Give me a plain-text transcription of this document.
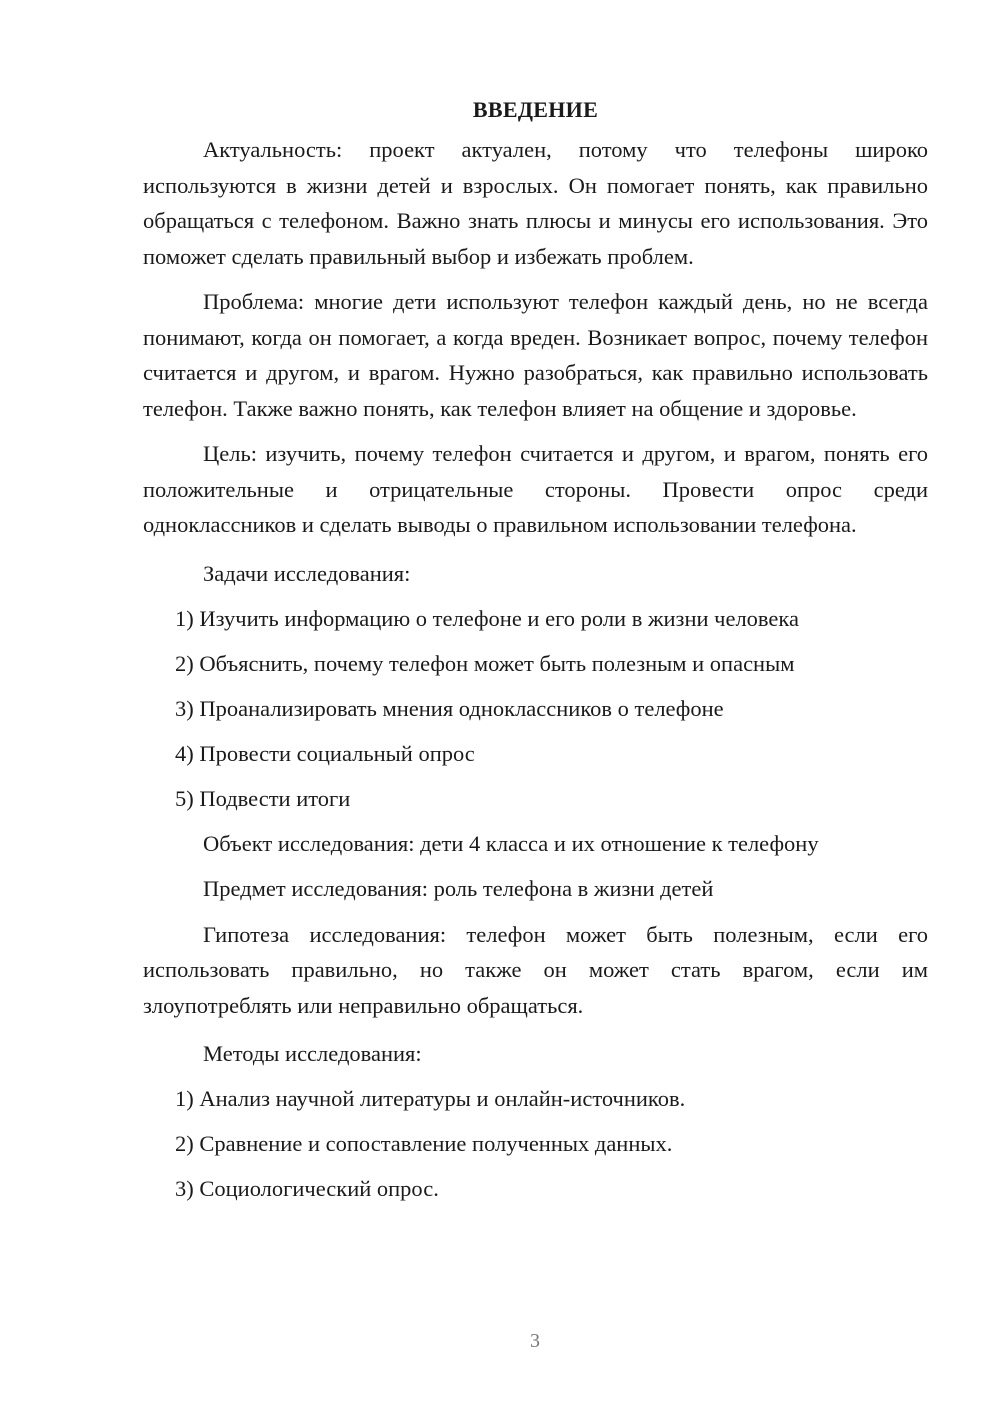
ВВЕДЕНИЕ

Актуальность: проект актуален, потому что телефоны широко используются в жизни детей и взрослых. Он помогает понять, как правильно обращаться с телефоном. Важно знать плюсы и минусы его использования. Это поможет сделать правильный выбор и избежать проблем.

Проблема: многие дети используют телефон каждый день, но не всегда понимают, когда он помогает, а когда вреден. Возникает вопрос, почему телефон считается и другом, и врагом. Нужно разобраться, как правильно использовать телефон. Также важно понять, как телефон влияет на общение и здоровье.

Цель: изучить, почему телефон считается и другом, и врагом, понять его положительные и отрицательные стороны. Провести опрос среди одноклассников и сделать выводы о правильном использовании телефона.

Задачи исследования:
1) Изучить информацию о телефоне и его роли в жизни человека
2) Объяснить, почему телефон может быть полезным и опасным
3) Проанализировать мнения одноклассников о телефоне
4) Провести социальный опрос
5) Подвести итоги
Объект исследования: дети 4 класса и их отношение к телефону
Предмет исследования: роль телефона в жизни детей

Гипотеза исследования: телефон может быть полезным, если его использовать правильно, но также он может стать врагом, если им злоупотреблять или неправильно обращаться.

Методы исследования:
1) Анализ научной литературы и онлайн-источников.
2) Сравнение и сопоставление полученных данных.
3) Социологический опрос.
3
